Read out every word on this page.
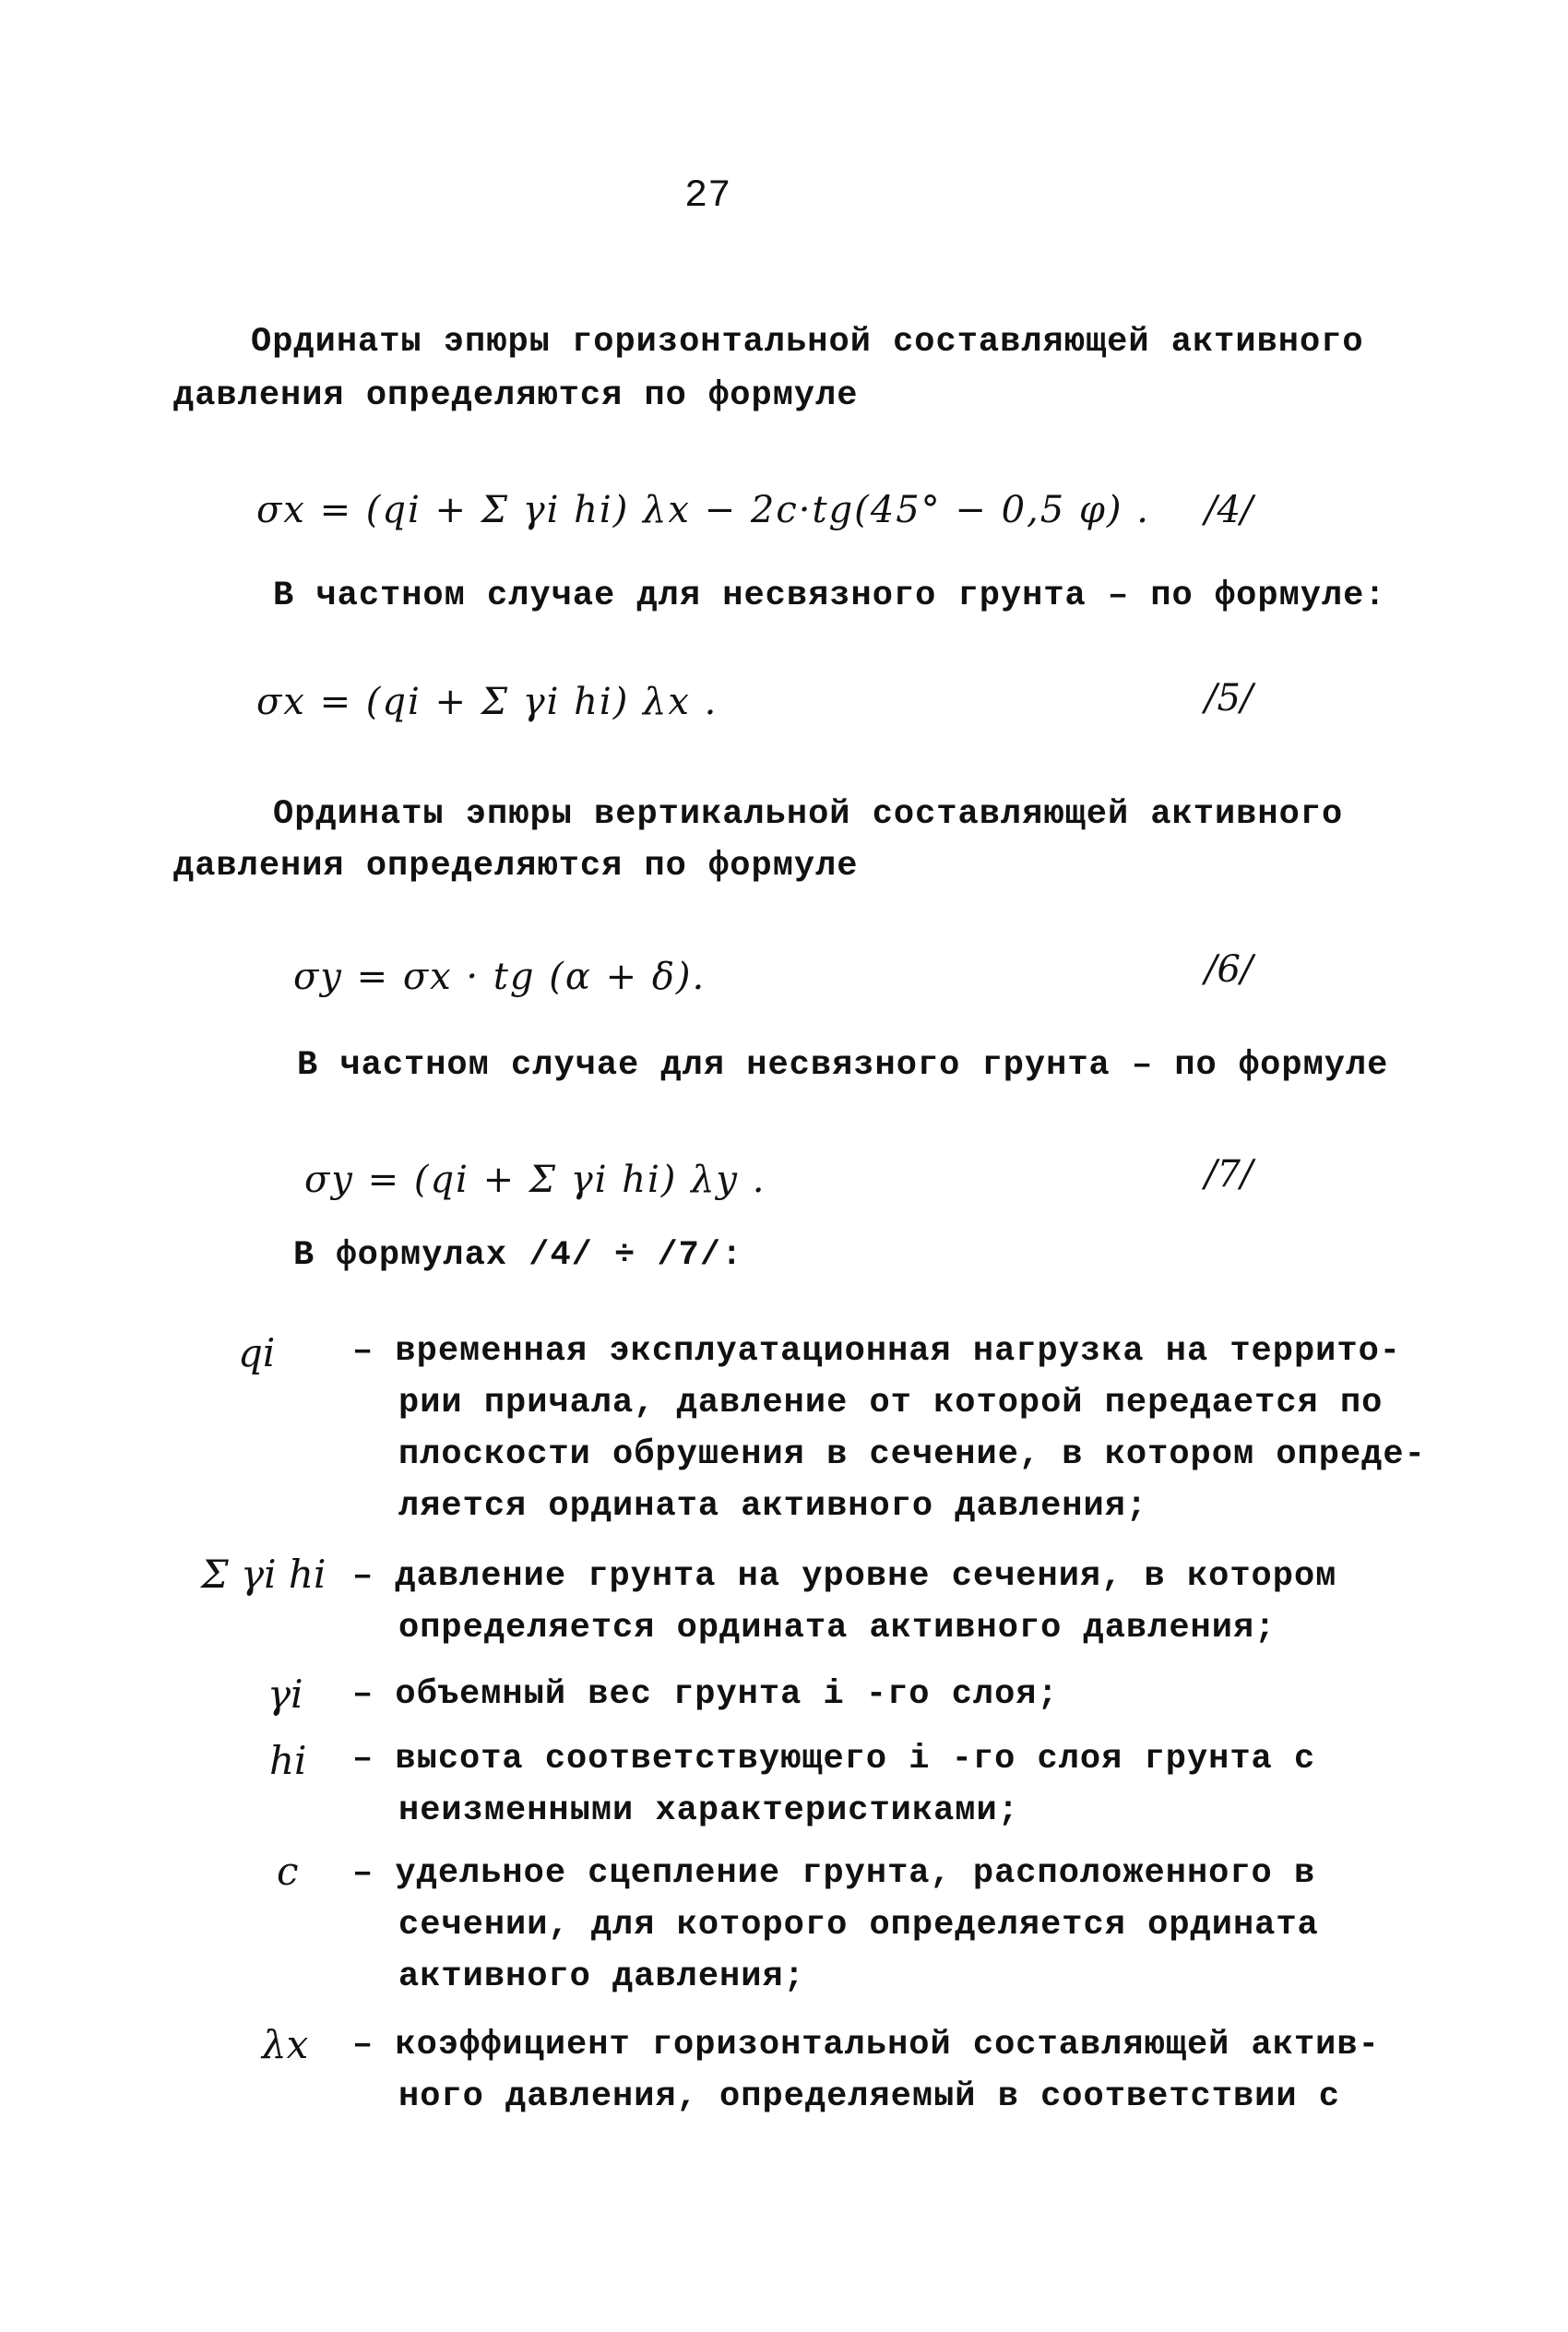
27
Ординаты эпюры горизонтальной составляющей активного
давления определяются по формуле
σx = (qi + Σ γi hi) λx − 2c·tg(45° − 0,5 φ) . /4/
В частном случае для несвязного грунта – по формуле:
σx = (qi + Σ γi hi) λx .	/5/
Ординаты эпюры вертикальной составляющей активного
давления определяются по формуле
σy = σx · tg (α + δ).	/6/
В частном случае для несвязного грунта – по формуле
σy = (qi + Σ γi hi) λy .	/7/
В формулах /4/ ÷ /7/:
qi	– временная эксплуатационная нагрузка на террито-
рии причала, давление от которой передается по
плоскости обрушения в сечение, в котором опреде-
ляется ордината активного давления;
Σ γi hi – давление грунта на уровне сечения, в котором
определяется ордината активного давления;
γi – объемный вес грунта i -го слоя;
hi – высота соответствующего i -го слоя грунта с
неизменными характеристиками;
c – удельное сцепление грунта, расположенного в
сечении, для которого определяется ордината
активного давления;
λx – коэффициент горизонтальной составляющей актив-
ного давления, определяемый в соответствии с
